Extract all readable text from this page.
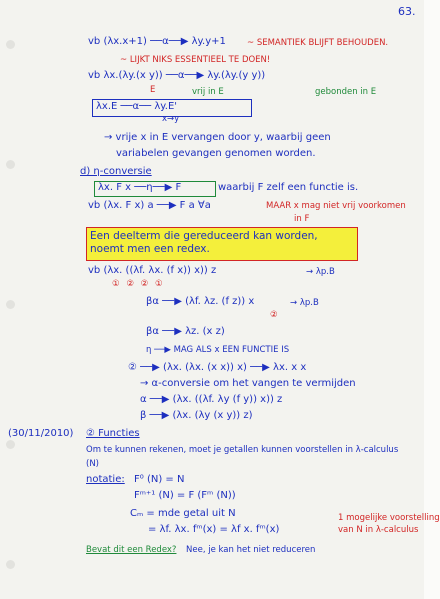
63.
vb (λx.x+1) ──α──▶ λy.y+1 ~ SEMANTIEK BLIJFT BEHOUDEN.
~ LIJKT NIKS ESSENTIEEL TE DOEN!
vb λx.(λy.(x y)) ──α──▶ λy.(λy.(y y))
E	vrij in E	gebonden in E
λx.E ──α── λy.E'
x→y
→ vrije x in E vervangen door y, waarbij geen
variabelen gevangen genomen worden.
d) η-conversie
λx. F x ──η──▶ F	waarbij F zelf een functie is.
vb (λx. F x) a ──▶ F a ∀a	MAAR x mag niet vrij voorkomen
in F
Een deelterm die gereduceerd kan worden, noemt men een redex.
vb (λx. ((λf. λx. (f x)) x)) z	→ λp.B
① ② ② ①
βα ──▶ (λf. λz. (f z)) x	→ λp.B
②
βα ──▶ λz. (x z)
η ──▶ MAG ALS x EEN FUNCTIE IS
② ──▶ (λx. (λx. (x x)) x) ──▶ λx. x x
→ α-conversie om het vangen te vermijden
α ──▶ (λx. ((λf. λy (f y)) x)) z
β ──▶ (λx. (λy (x y)) z)
(30/11/2010) ② Functies
Om te kunnen rekenen, moet je getallen kunnen voorstellen in λ-calculus
(N)
notatie: F⁰ (N) = N
Fᵐ⁺¹ (N) = F (Fᵐ (N))
Cₘ = mde getal uit N
= λf. λx. fᵐ(x) = λf x. fᵐ(x)
1 mogelijke voorstelling
van N in λ-calculus
Bevat dit een Redex? Nee, je kan het niet reduceren
